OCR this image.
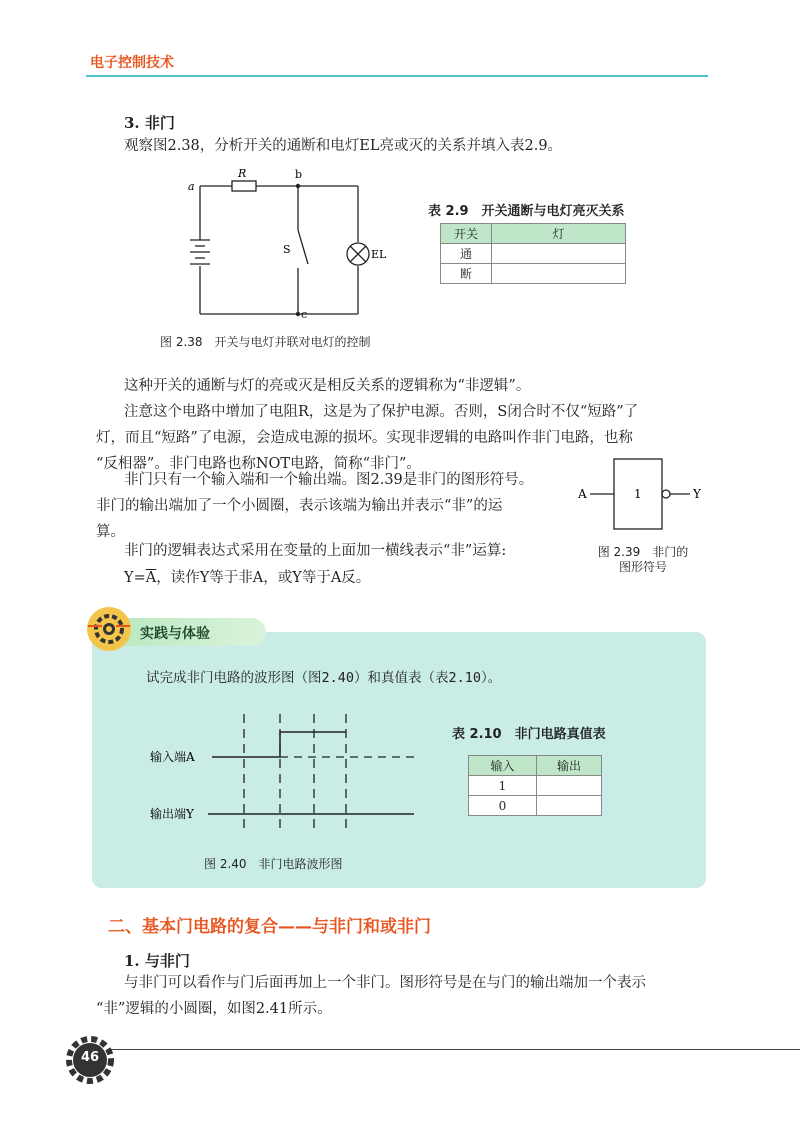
电子控制技术
3. 非门
观察图2.38，分析开关的通断和电灯EL亮或灭的关系并填入表2.9。
a
R	b
S	EL
c
图 2.38　开关与电灯并联对电灯的控制
表 2.9　开关通断与电灯亮灭关系
开关	灯
通	
断	
这种开关的通断与灯的亮或灭是相反关系的逻辑称为“非逻辑”。
注意这个电路中增加了电阻R，这是为了保护电源。否则，S闭合时不仅“短路”了
灯，而且“短路”了电源，会造成电源的损坏。实现非逻辑的电路叫作非门电路，也称
“反相器”。非门电路也称NOT电路，简称“非门”。
非门只有一个输入端和一个输出端。图2.39是非门的图形符号。
非门的输出端加了一个小圆圈，表示该端为输出并表示“非”的运
算。
非门的逻辑表达式采用在变量的上面加一横线表示“非”运算:
$Y=\overline{A}$，读作Y等于非A，或Y等于A反。
A	1	Y
图 2.39　非门的
图形符号
实践与体验
试完成非门电路的波形图（图2.40）和真值表（表2.10）。
输入端A
输出端Y
图 2.40　非门电路波形图
表 2.10　非门电路真值表
输入	输出
1	
0	
二、基本门电路的复合——与非门和或非门
1. 与非门
与非门可以看作与门后面再加上一个非门。图形符号是在与门的输出端加一个表示
“非”逻辑的小圆圈，如图2.41所示。
46
